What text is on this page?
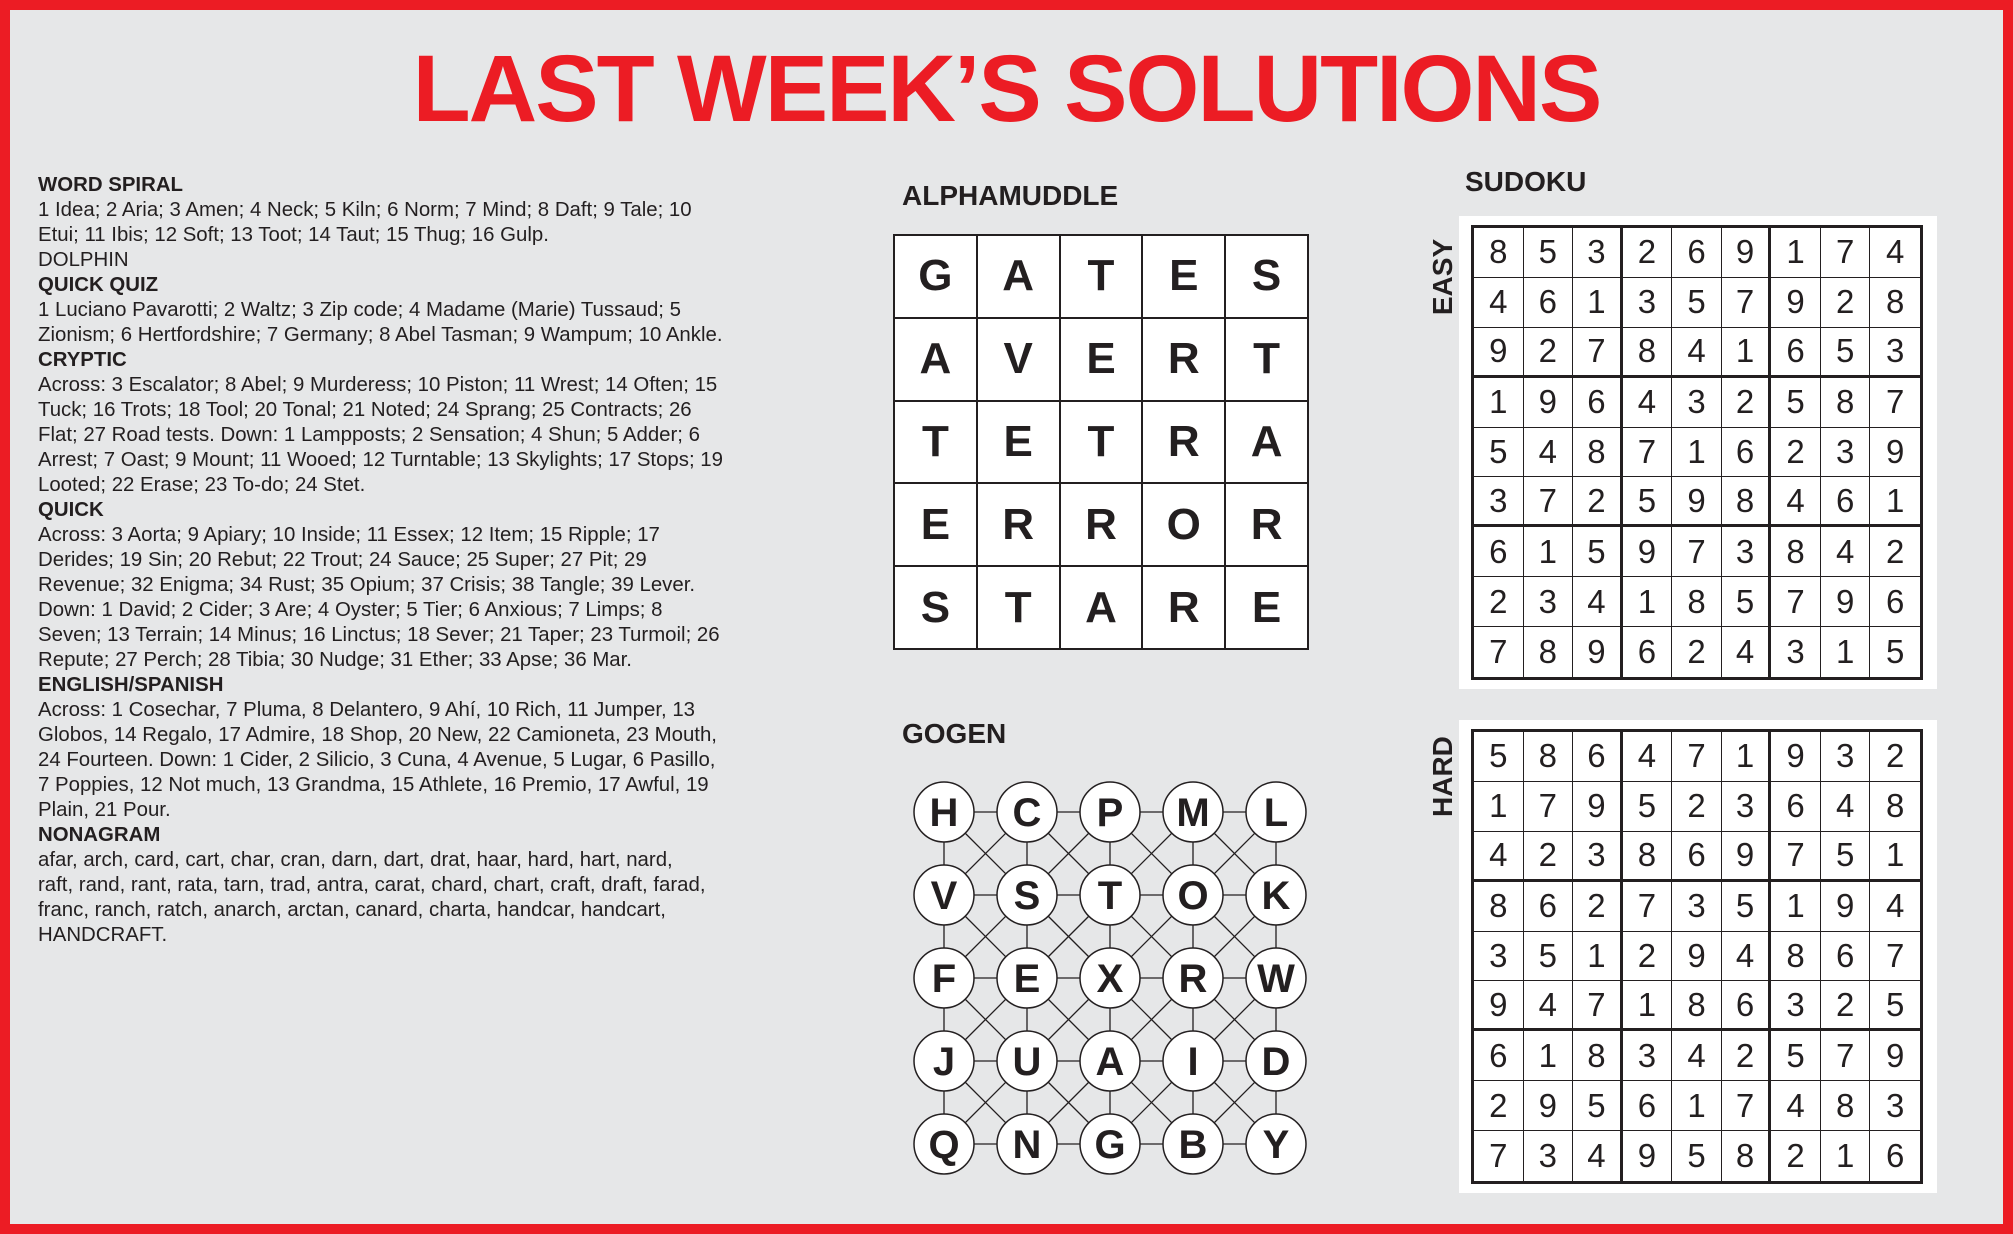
LAST WEEK’S SOLUTIONS
WORD SPIRAL
1 Idea; 2 Aria; 3 Amen; 4 Neck; 5 Kiln; 6 Norm; 7 Mind; 8 Daft; 9 Tale; 10
Etui; 11 Ibis; 12 Soft; 13 Toot; 14 Taut; 15 Thug; 16 Gulp.
DOLPHIN
QUICK QUIZ
1 Luciano Pavarotti; 2 Waltz; 3 Zip code; 4 Madame (Marie) Tussaud; 5
Zionism; 6 Hertfordshire; 7 Germany; 8 Abel Tasman; 9 Wampum; 10 Ankle.
CRYPTIC
Across: 3 Escalator; 8 Abel; 9 Murderess; 10 Piston; 11 Wrest; 14 Often; 15
Tuck; 16 Trots; 18 Tool; 20 Tonal; 21 Noted; 24 Sprang; 25 Contracts; 26
Flat; 27 Road tests. Down: 1 Lampposts; 2 Sensation; 4 Shun; 5 Adder; 6
Arrest; 7 Oast; 9 Mount; 11 Wooed; 12 Turntable; 13 Skylights; 17 Stops; 19
Looted; 22 Erase; 23 To-do; 24 Stet.
QUICK
Across: 3 Aorta; 9 Apiary; 10 Inside; 11 Essex; 12 Item; 15 Ripple; 17
Derides; 19 Sin; 20 Rebut; 22 Trout; 24 Sauce; 25 Super; 27 Pit; 29
Revenue; 32 Enigma; 34 Rust; 35 Opium; 37 Crisis; 38 Tangle; 39 Lever.
Down: 1 David; 2 Cider; 3 Are; 4 Oyster; 5 Tier; 6 Anxious; 7 Limps; 8
Seven; 13 Terrain; 14 Minus; 16 Linctus; 18 Sever; 21 Taper; 23 Turmoil; 26
Repute; 27 Perch; 28 Tibia; 30 Nudge; 31 Ether; 33 Apse; 36 Mar.
ENGLISH/SPANISH
Across: 1 Cosechar, 7 Pluma, 8 Delantero, 9 Ahí, 10 Rich, 11 Jumper, 13
Globos, 14 Regalo, 17 Admire, 18 Shop, 20 New, 22 Camioneta, 23 Mouth,
24 Fourteen. Down: 1 Cider, 2 Silicio, 3 Cuna, 4 Avenue, 5 Lugar, 6 Pasillo,
7 Poppies, 12 Not much, 13 Grandma, 15 Athlete, 16 Premio, 17 Awful, 19
Plain, 21 Pour.
NONAGRAM
afar, arch, card, cart, char, cran, darn, dart, drat, haar, hard, hart, nard,
raft, rand, rant, rata, tarn, trad, antra, carat, chard, chart, craft, draft, farad,
franc, ranch, ratch, anarch, arctan, canard, charta, handcar, handcart,
HANDCRAFT.
ALPHAMUDDLE
G	A	T	E	S
A	V	E	R	T
T	E	T	R	A
E	R	R	O	R
S	T	A	R	E
GOGEN
H C P M L
V S T O K
F E X R W
J U A I D
Q N G B Y
SUDOKU
EASY 8 5 3 2 6 9 1 7 4
4 6 1 3 5 7 9 2 8
9 2 7 8 4 1 6 5 3
1 9 6 4 3 2 5 8 7
5 4 8 7 1 6 2 3 9
3 7 2 5 9 8 4 6 1
6 1 5 9 7 3 8 4 2
2 3 4 1 8 5 7 9 6
7 8 9 6 2 4 3 1 5
HARD 5 8 6 4 7 1 9 3 2
1 7 9 5 2 3 6 4 8
4 2 3 8 6 9 7 5 1
8 6 2 7 3 5 1 9 4
3 5 1 2 9 4 8 6 7
9 4 7 1 8 6 3 2 5
6 1 8 3 4 2 5 7 9
2 9 5 6 1 7 4 8 3
7 3 4 9 5 8 2 1 6
